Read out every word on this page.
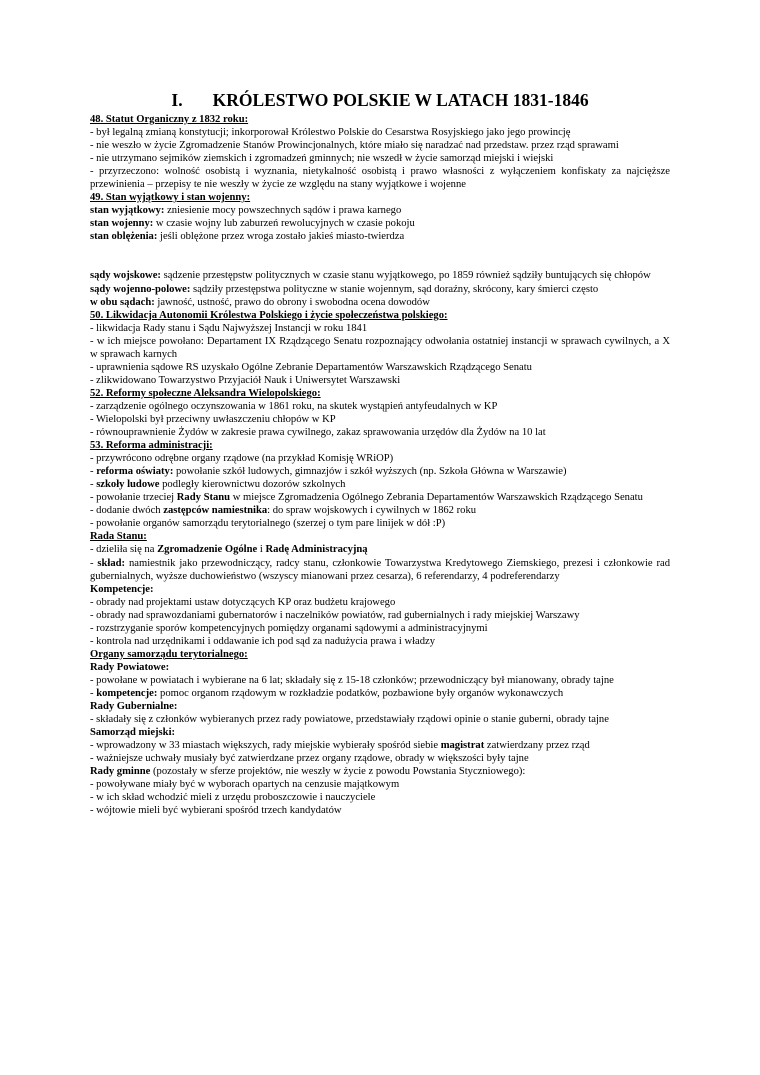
I. KRÓLESTWO POLSKIE W LATACH 1831-1846

48. Statut Organiczny z 1832 roku:

- był legalną zmianą konstytucji; inkorporował Królestwo Polskie do Cesarstwa Rosyjskiego jako jego prowincję

- nie weszło w życie Zgromadzenie Stanów Prowincjonalnych, które miało się naradzać nad przedstaw. przez rząd sprawami

- nie utrzymano sejmików ziemskich i zgromadzeń gminnych; nie wszedł w życie samorząd miejski i wiejski

- przyrzeczono: wolność osobistą i wyznania, nietykalność osobistą i prawo własności z wyłączeniem konfiskaty za najcięższe przewinienia – przepisy te nie weszły w życie ze względu na stany wyjątkowe i wojenne

49. Stan wyjątkowy i stan wojenny:

stan wyjątkowy: zniesienie mocy powszechnych sądów i prawa karnego

stan wojenny: w czasie wojny lub zaburzeń rewolucyjnych w czasie pokoju

stan oblężenia: jeśli oblężone przez wroga zostało jakieś miasto-twierdza

sądy wojskowe: sądzenie przestępstw politycznych w czasie stanu wyjątkowego, po 1859 również sądziły buntujących się chłopów

sądy wojenno-polowe: sądziły przestępstwa polityczne w stanie wojennym, sąd doraźny, skrócony, kary śmierci często

w obu sądach: jawność, ustność, prawo do obrony i swobodna ocena dowodów

50. Likwidacja Autonomii Królestwa Polskiego i życie społeczeństwa polskiego:

- likwidacja Rady stanu i Sądu Najwyższej Instancji w roku 1841

- w ich miejsce powołano: Departament IX Rządzącego Senatu rozpoznający odwołania ostatniej instancji w sprawach cywilnych, a X w sprawach karnych

- uprawnienia sądowe RS uzyskało Ogólne Zebranie Departamentów Warszawskich Rządzącego Senatu

- zlikwidowano Towarzystwo Przyjaciół Nauk i Uniwersytet Warszawski

52. Reformy społeczne Aleksandra Wielopolskiego:

- zarządzenie ogólnego oczynszowania w 1861 roku, na skutek wystąpień antyfeudalnych w KP

- Wielopolski był przeciwny uwłaszczeniu chłopów w KP

- równouprawnienie Żydów w zakresie prawa cywilnego, zakaz sprawowania urzędów dla Żydów na 10 lat

53. Reforma administracji:

- przywrócono odrębne organy rządowe (na przykład Komisję WRiOP)

- reforma oświaty: powołanie szkół ludowych, gimnazjów i szkół wyższych (np. Szkoła Główna w Warszawie)

- szkoły ludowe podległy kierownictwu dozorów szkolnych

- powołanie trzeciej Rady Stanu w miejsce Zgromadzenia Ogólnego Zebrania Departamentów Warszawskich Rządzącego Senatu

- dodanie dwóch zastępców namiestnika: do spraw wojskowych i cywilnych w 1862 roku

- powołanie organów samorządu terytorialnego (szerzej o tym pare linijek w dół :P)

Rada Stanu:

- dzieliła się na Zgromadzenie Ogólne i Radę Administracyjną

- skład: namiestnik jako przewodniczący, radcy stanu, członkowie Towarzystwa Kredytowego Ziemskiego, prezesi i członkowie rad gubernialnych, wyższe duchowieństwo (wszyscy mianowani przez cesarza), 6 referendarzy, 4 podreferendarzy

Kompetencje:

- obrady nad projektami ustaw dotyczących KP oraz budżetu krajowego

- obrady nad sprawozdaniami gubernatorów i naczelników powiatów, rad gubernialnych i rady miejskiej Warszawy

- rozstrzyganie sporów kompetencyjnych pomiędzy organami sądowymi a administracyjnymi

- kontrola nad urzędnikami i oddawanie ich pod sąd za nadużycia prawa i władzy

Organy samorządu terytorialnego:

Rady Powiatowe:

- powołane w powiatach i wybierane na 6 lat; składały się z 15-18 członków; przewodniczący był mianowany, obrady tajne

- kompetencje: pomoc organom rządowym w rozkładzie podatków, pozbawione były organów wykonawczych

Rady Gubernialne:

- składały się z członków wybieranych przez rady powiatowe, przedstawiały rządowi opinie o stanie guberni, obrady tajne

Samorząd miejski:

- wprowadzony w 33 miastach większych, rady miejskie wybierały spośród siebie magistrat zatwierdzany przez rząd

- ważniejsze uchwały musiały być zatwierdzane przez organy rządowe, obrady w większości były tajne

Rady gminne (pozostały w sferze projektów, nie weszły w życie z powodu Powstania Styczniowego):

- powoływane miały być w wyborach opartych na cenzusie majątkowym

- w ich skład wchodzić mieli z urzędu proboszczowie i nauczyciele

- wójtowie mieli być wybierani spośród trzech kandydatów
